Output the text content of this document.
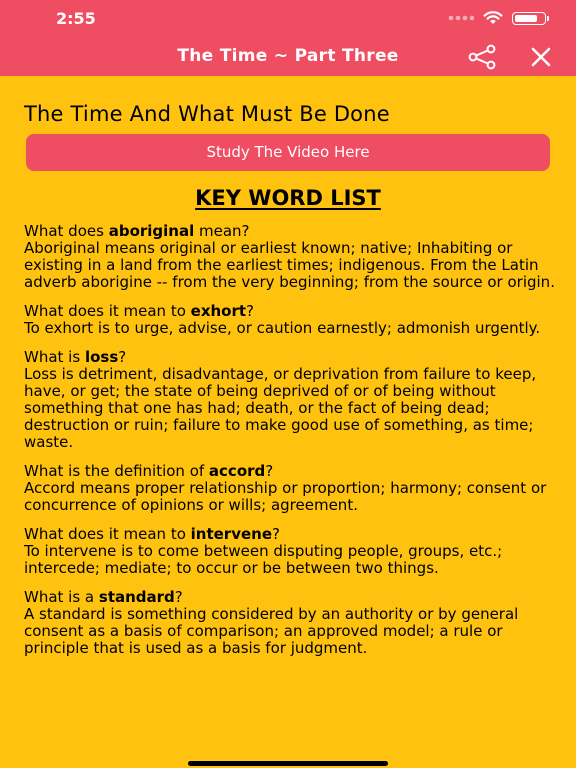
2:55
The Time ~ Part Three
The Time And What Must Be Done
Study The Video Here
KEY WORD LIST
What does aboriginal mean?
Aboriginal means original or earliest known; native; Inhabiting or existing in a land from the earliest times; indigenous. From the Latin adverb aborigine -- from the very beginning; from the source or origin.
What does it mean to exhort?
To exhort is to urge, advise, or caution earnestly; admonish urgently.
What is loss?
Loss is detriment, disadvantage, or deprivation from failure to keep, have, or get; the state of being deprived of or of being without something that one has had; death, or the fact of being dead; destruction or ruin; failure to make good use of something, as time; waste.
What is the definition of accord?
Accord means proper relationship or proportion; harmony; consent or concurrence of opinions or wills; agreement.
What does it mean to intervene?
To intervene is to come between disputing people, groups, etc.; intercede; mediate; to occur or be between two things.
What is a standard?
A standard is something considered by an authority or by general consent as a basis of comparison; an approved model; a rule or principle that is used as a basis for judgment.
